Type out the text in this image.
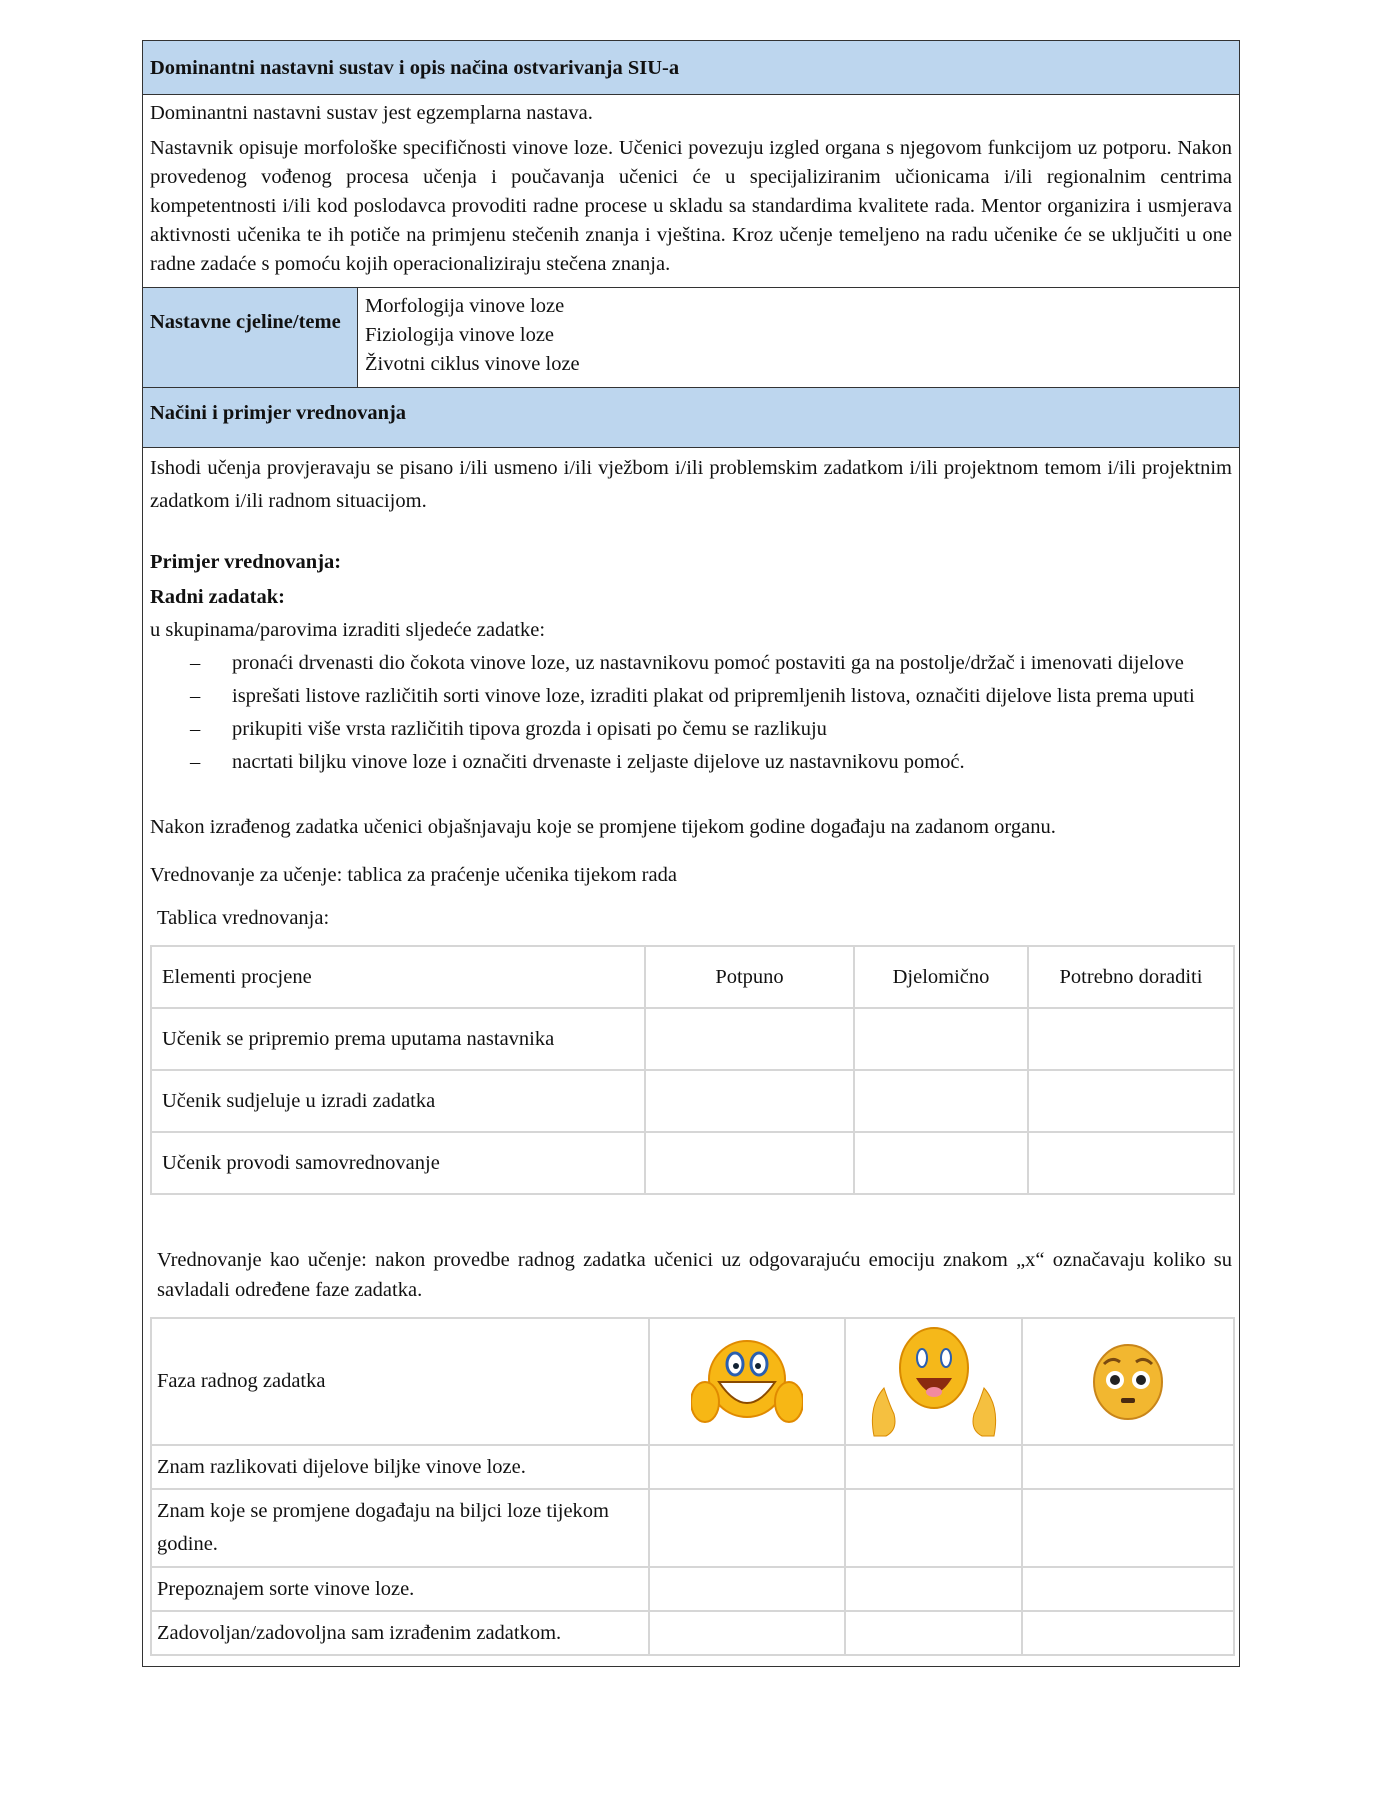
Dominantni nastavni sustav i opis načina ostvarivanja SIU-a

Dominantni nastavni sustav jest egzemplarna nastava.

Nastavnik opisuje morfološke specifičnosti vinove loze. Učenici povezuju izgled organa s njegovom funkcijom uz potporu. Nakon provedenog vođenog procesa učenja i poučavanja učenici će u specijaliziranim učionicama i/ili regionalnim centrima kompetentnosti i/ili kod poslodavca provoditi radne procese u skladu sa standardima kvalitete rada. Mentor organizira i usmjerava aktivnosti učenika te ih potiče na primjenu stečenih znanja i vještina. Kroz učenje temeljeno na radu učenike će se uključiti u one radne zadaće s pomoću kojih operacionaliziraju stečena znanja.

Nastavne cjeline/teme
Morfologija vinove loze
Fiziologija vinove loze
Životni ciklus vinove loze
Načini i primjer vrednovanja

Ishodi učenja provjeravaju se pisano i/ili usmeno i/ili vježbom i/ili problemskim zadatkom i/ili projektnom temom i/ili projektnim zadatkom i/ili radnom situacijom.

Primjer vrednovanja:

Radni zadatak:

u skupinama/parovima izraditi sljedeće zadatke:

– pronaći drvenasti dio čokota vinove loze, uz nastavnikovu pomoć postaviti ga na postolje/držač i imenovati dijelove
– isprešati listove različitih sorti vinove loze, izraditi plakat od pripremljenih listova, označiti dijelove lista prema uputi
– prikupiti više vrsta različitih tipova grozda i opisati po čemu se razlikuju
– nacrtati biljku vinove loze i označiti drvenaste i zeljaste dijelove uz nastavnikovu pomoć.

Nakon izrađenog zadatka učenici objašnjavaju koje se promjene tijekom godine događaju na zadanom organu.

Vrednovanje za učenje: tablica za praćenje učenika tijekom rada

Tablica vrednovanja:

Elementi procjene	Potpuno	Djelomično	Potrebno doraditi
Učenik se pripremio prema uputama nastavnika			
Učenik sudjeluje u izradi zadatka			
Učenik provodi samovrednovanje			

Vrednovanje kao učenje: nakon provedbe radnog zadatka učenici uz odgovarajuću emociju znakom „x“ označavaju koliko su savladali određene faze zadatka.

Faza radnog zadatka	

Znam razlikovati dijelove biljke vinove loze.			
Znam koje se promjene događaju na biljci loze tijekom godine.			
Prepoznajem sorte vinove loze.			
Zadovoljan/zadovoljna sam izrađenim zadatkom.			
